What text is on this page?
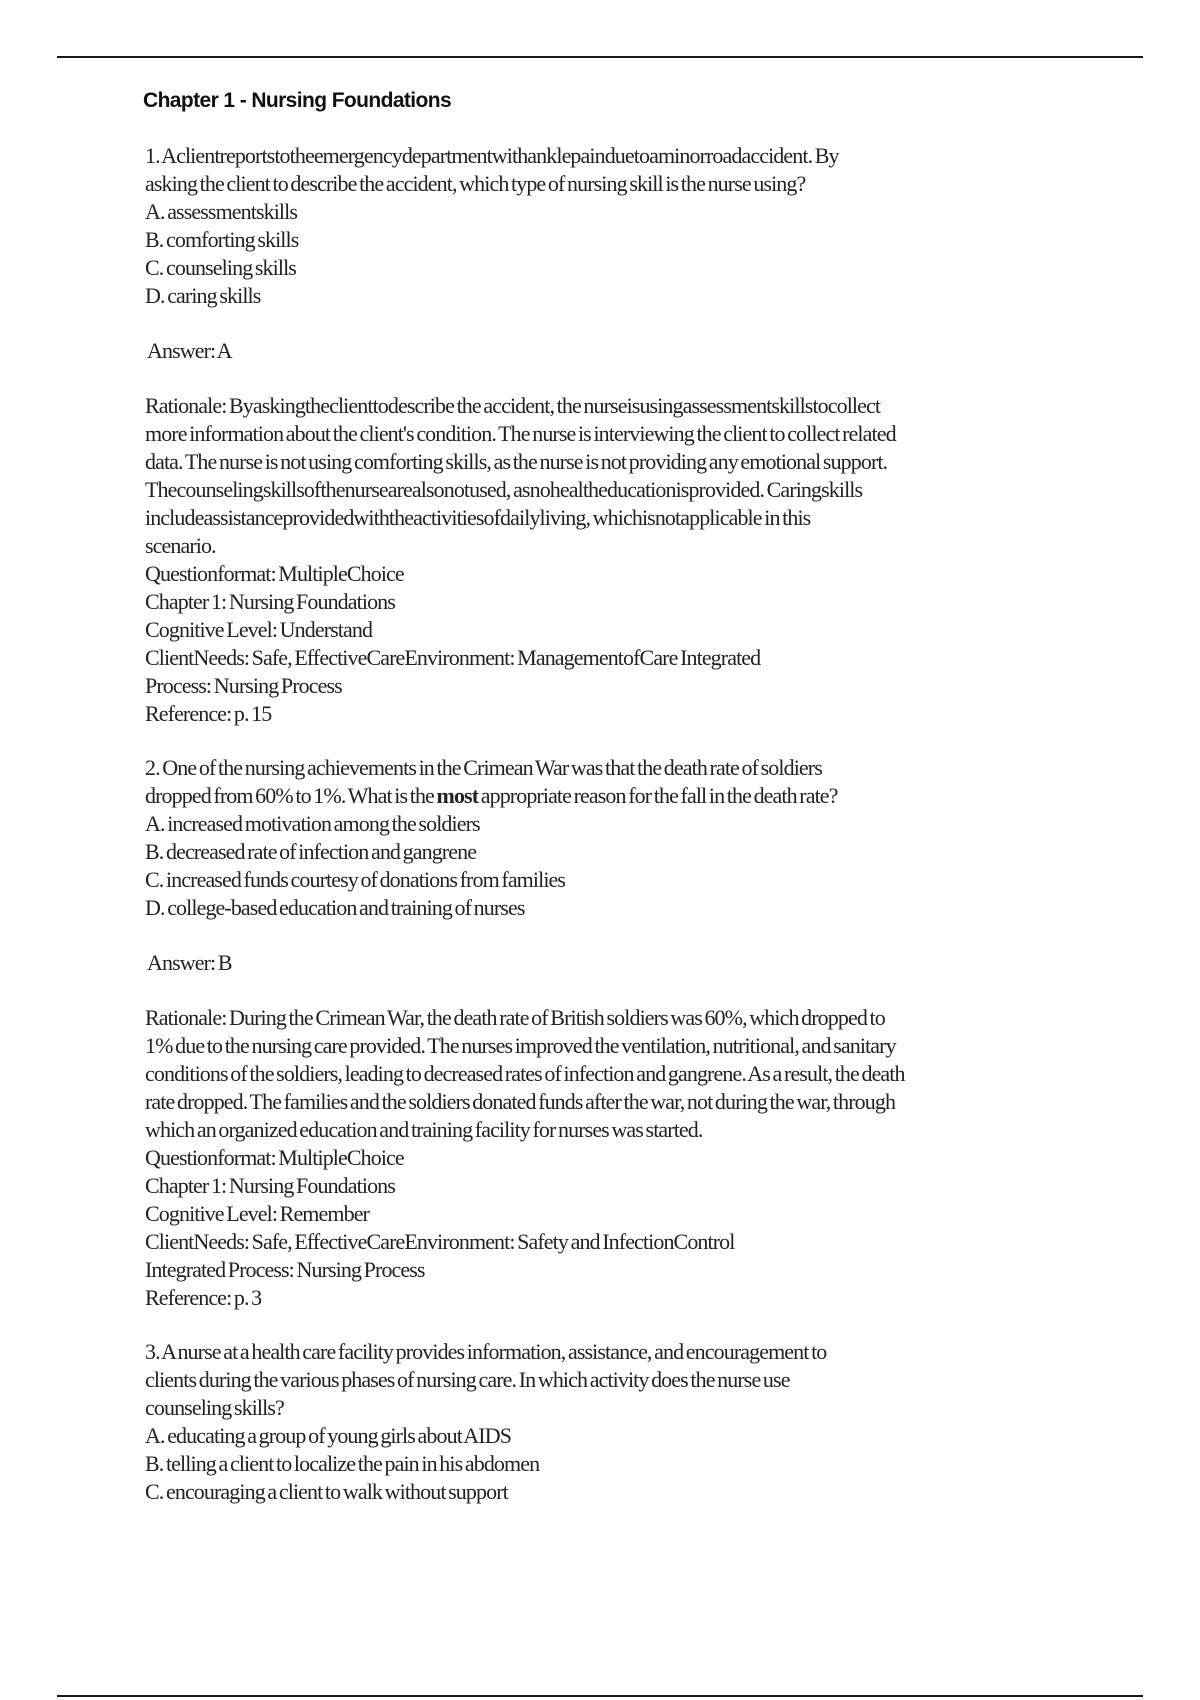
Chapter 1 - Nursing Foundations
1. Aclientreportstotheemergencydepartmentwithanklepainduetoaminorroadaccident. By
asking the client to describe the accident, which type of nursing skill is the nurse using?
A. assessmentskills
B. comforting skills
C. counseling skills
D. caring skills
Answer: A
Rationale: Byaskingtheclienttodescribe the accident, the nurseisusingassessmentskillstocollect
more information about the client's condition. The nurse is interviewing the client to collect related
data. The nurse is not using comforting skills, as the nurse is not providing any emotional support.
Thecounselingskillsofthenursearealsonotused, asnohealtheducationisprovided. Caringskills
includeassistanceprovidedwiththeactivitiesofdailyliving, whichisnotapplicable in this
scenario.
Questionformat: MultipleChoice
Chapter 1: Nursing Foundations
Cognitive Level: Understand
ClientNeeds: Safe, EffectiveCareEnvironment: ManagementofCare Integrated
Process: Nursing Process
Reference: p. 15
2. One of the nursing achievements in the Crimean War was that the death rate of soldiers
dropped from 60% to 1%. What is the most appropriate reason for the fall in the death rate?
A. increased motivation among the soldiers
B. decreased rate of infection and gangrene
C. increased funds courtesy of donations from families
D. college-based education and training of nurses
Answer: B
Rationale: During the Crimean War, the death rate of British soldiers was 60%, which dropped to
1% due to the nursing care provided. The nurses improved the ventilation, nutritional, and sanitary
conditions of the soldiers, leading to decreased rates of infection and gangrene. As a result, the death
rate dropped. The families and the soldiers donated funds after the war, not during the war, through
which an organized education and training facility for nurses was started.
Questionformat: MultipleChoice
Chapter 1: Nursing Foundations
Cognitive Level: Remember
ClientNeeds: Safe, EffectiveCareEnvironment: Safety and InfectionControl
Integrated Process: Nursing Process
Reference: p. 3
3. A nurse at a health care facility provides information, assistance, and encouragement to
clients during the various phases of nursing care. In which activity does the nurse use
counseling skills?
A. educating a group of young girls about AIDS
B. telling a client to localize the pain in his abdomen
C. encouraging a client to walk without support
